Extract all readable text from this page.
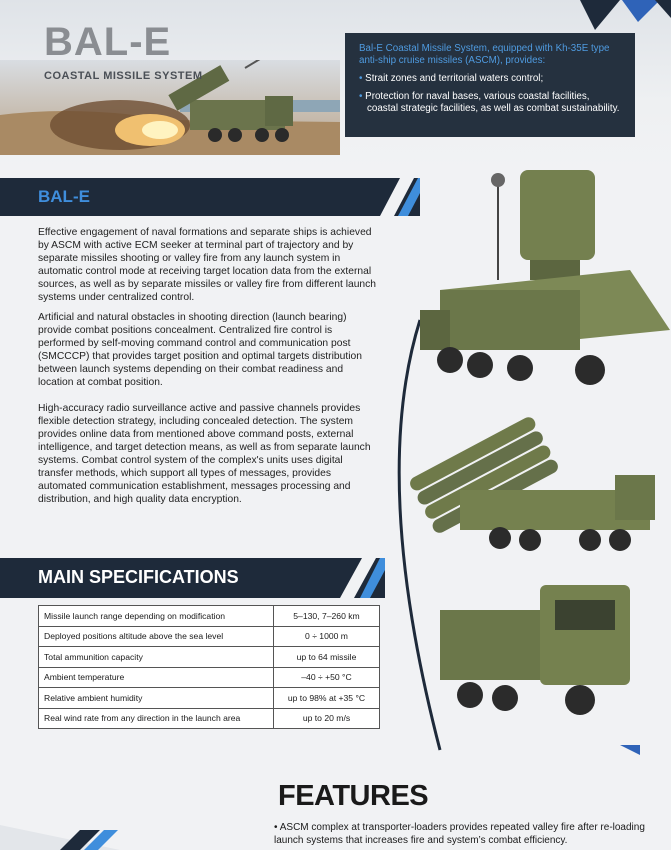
BAL-E
COASTAL MISSILE SYSTEM
Bal-E Coastal Missile System, equipped with Kh-35E type anti-ship cruise missiles (ASCM), provides:
• Strait zones and territorial waters control;
• Protection for naval bases, various coastal facilities, coastal strategic facilities, as well as combat sustainability.
BAL-E
Effective engagement of naval formations and separate ships is achieved by ASCM with active ECM seeker at terminal part of trajectory and by separate missiles shooting or valley fire from any launch system in automatic control mode at receiving target location data from the external sources, as well as by separate missiles or valley fire from different launch systems under centralized control.
Artificial and natural obstacles in shooting direction (launch bearing) provide combat positions concealment. Centralized fire control is performed by self-moving command control and communication post (SMCCCP) that provides target position and optimal targets distribution between launch systems depending on their combat readiness and location at combat position.
High-accuracy radio surveillance active and passive channels provides flexible detection strategy, including concealed detection. The system provides online data from mentioned above command posts, external intelligence, and target detection means, as well as from separate launch systems. Combat control system of the complex's units uses digital transfer methods, which support all types of messages, provides automated communication establishment, messages processing and distribution, and high quality data encryption.
MAIN SPECIFICATIONS
Missile launch range depending on modification	5–130, 7–260 km
Deployed positions altitude above the sea level	0 ÷ 1000 m
Total ammunition capacity	up to 64 missile
Ambient temperature	–40 ÷ +50 °C
Relative ambient humidity	up to 98% at +35 °C
Real wind rate from any direction in the launch area	up to 20 m/s
FEATURES
• ASCM complex at transporter-loaders provides repeated valley fire after re-loading launch systems that increases fire and system’s combat efficiency.
